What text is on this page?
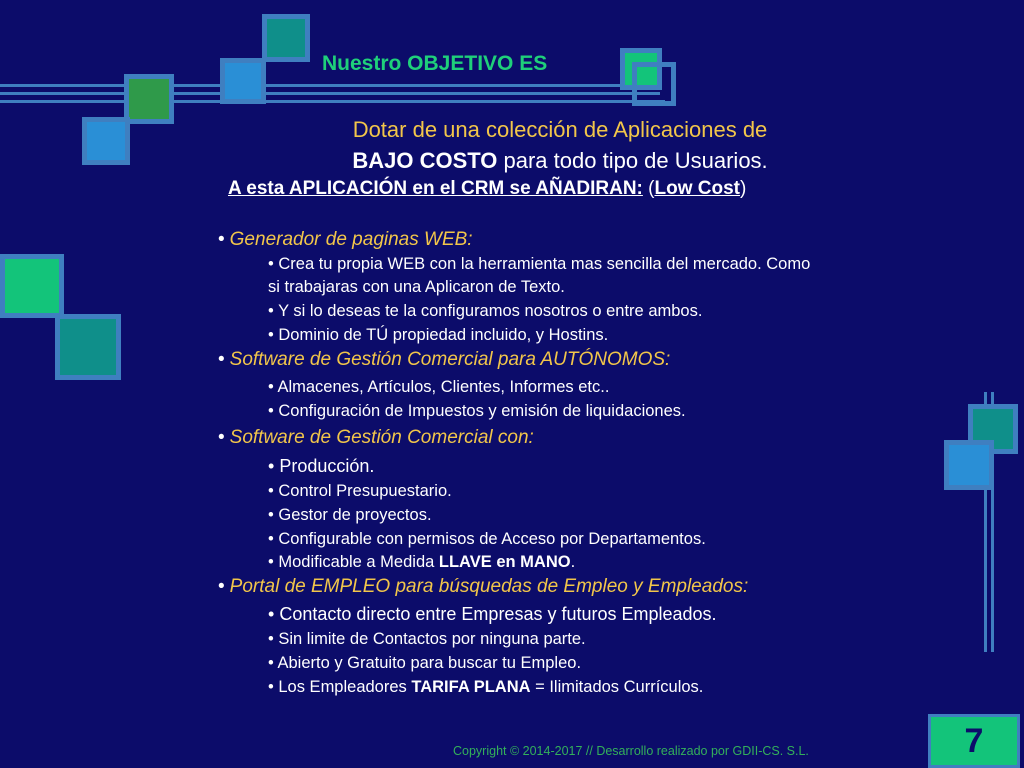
Nuestro OBJETIVO ES
Dotar de una colección de Aplicaciones de
BAJO COSTO para todo tipo de Usuarios.
A esta APLICACIÓN en el CRM se AÑADIRAN: (Low Cost)
• Generador de paginas WEB:
• Crea tu propia WEB con la herramienta mas sencilla del mercado. Como
si trabajaras con una Aplicaron de Texto.
• Y si lo deseas te la configuramos nosotros o entre ambos.
• Dominio de TÚ propiedad incluido, y Hostins.
• Software de Gestión Comercial para AUTÓNOMOS:
• Almacenes, Artículos, Clientes, Informes etc..
• Configuración de Impuestos y emisión de liquidaciones.
• Software de Gestión Comercial con:
• Producción.
• Control Presupuestario.
• Gestor de proyectos.
• Configurable con permisos de Acceso por Departamentos.
• Modificable a Medida LLAVE en MANO.
• Portal de EMPLEO para búsquedas de Empleo y Empleados:
• Contacto directo entre Empresas y futuros Empleados.
• Sin limite de Contactos por ninguna parte.
• Abierto y Gratuito para buscar tu Empleo.
• Los Empleadores TARIFA PLANA = Ilimitados Currículos.
Copyright © 2014-2017 // Desarrollo realizado por GDII-CS. S.L.	7
